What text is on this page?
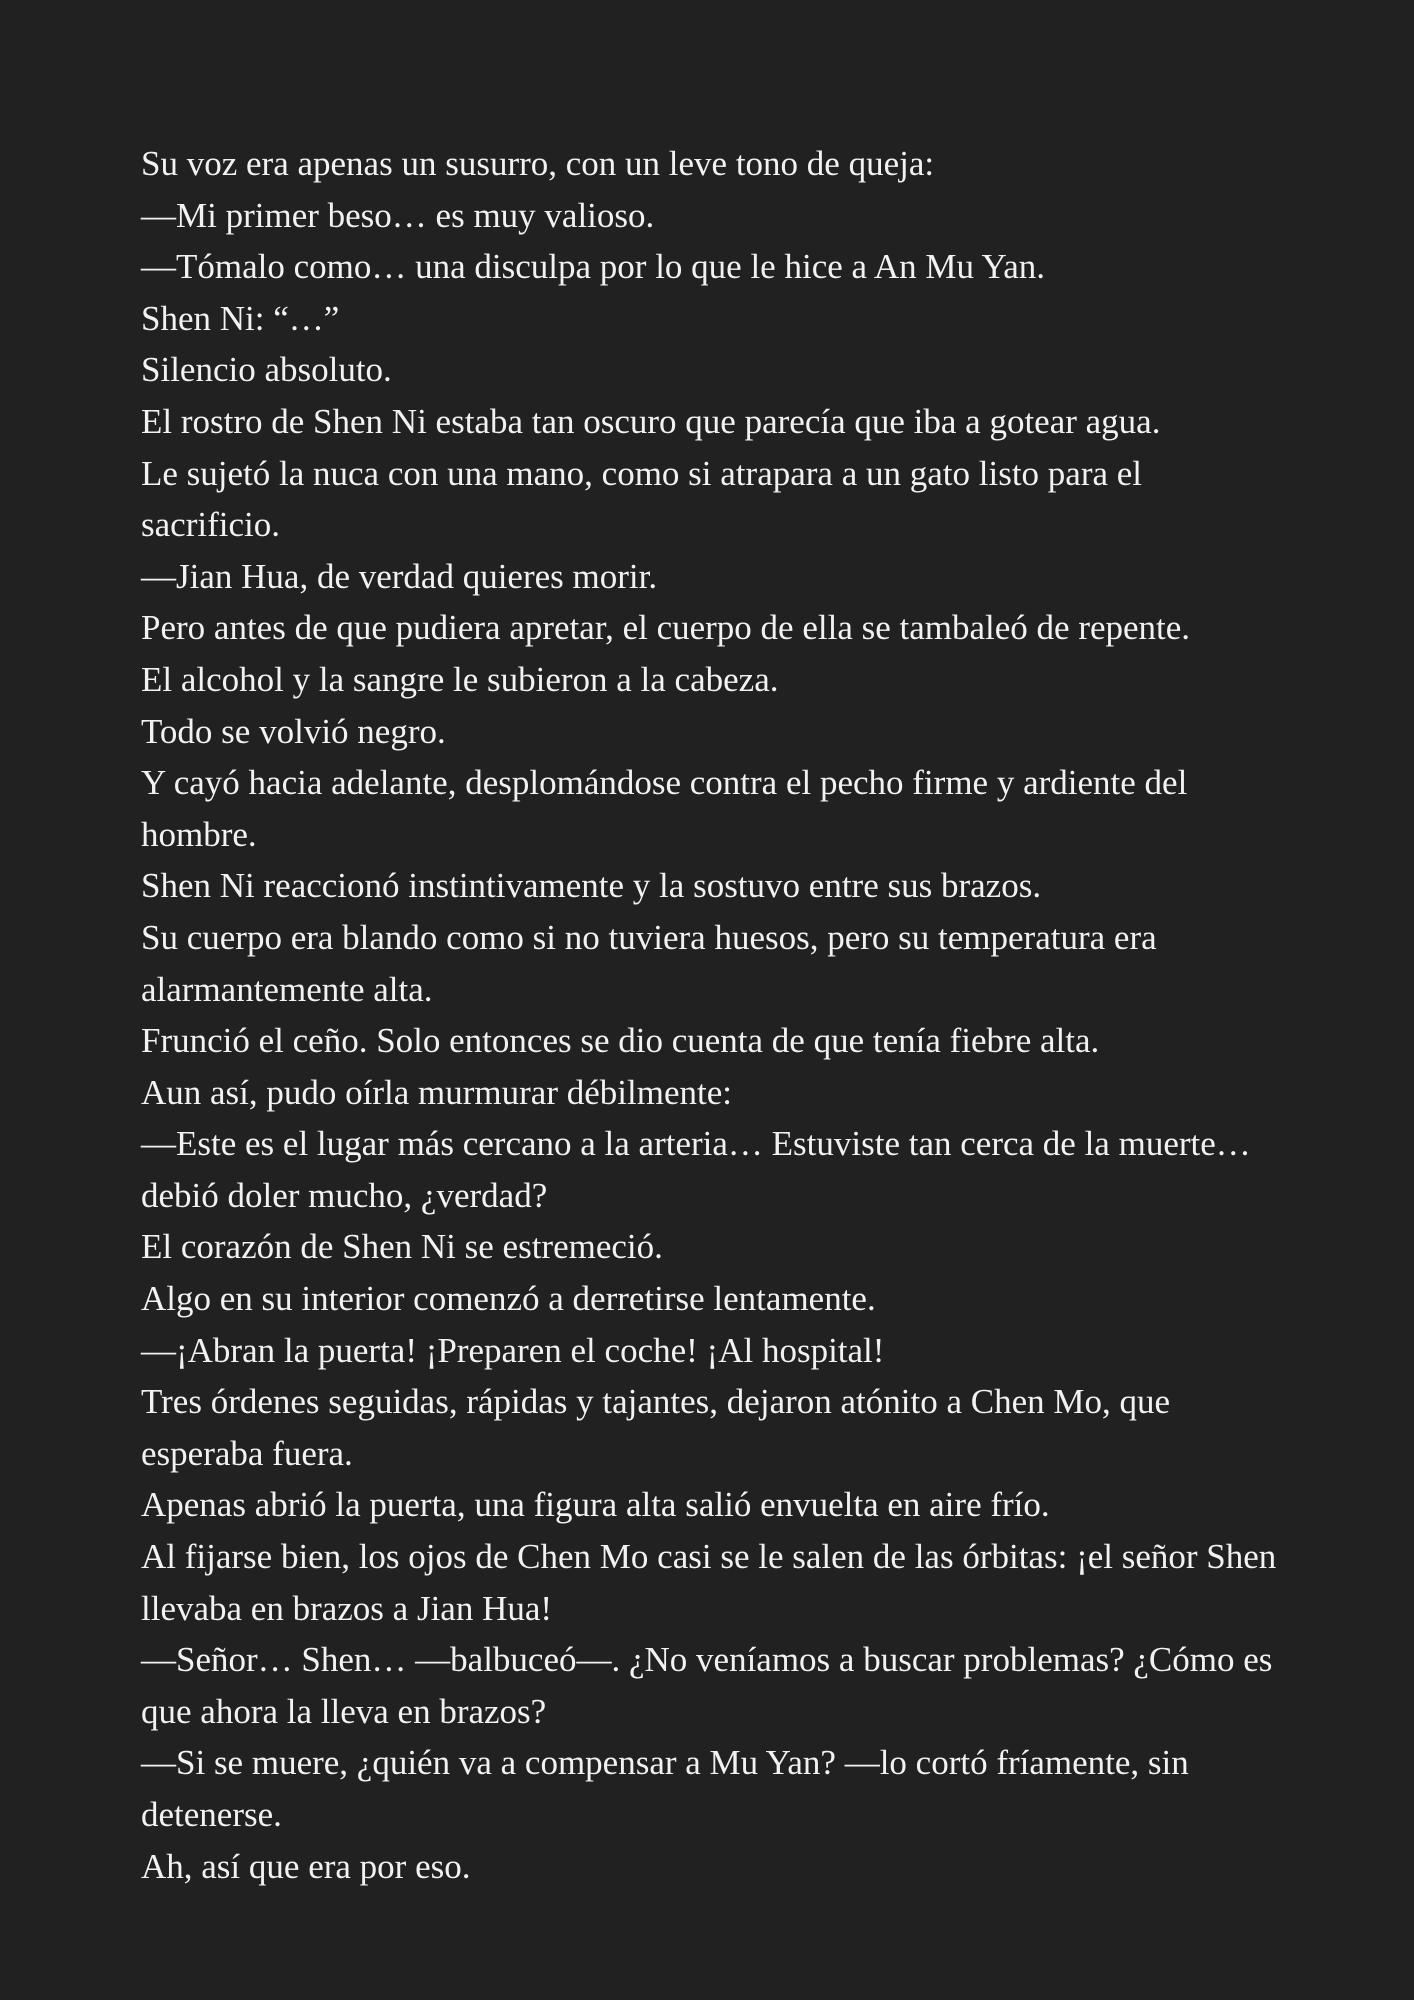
Su voz era apenas un susurro, con un leve tono de queja:

—Mi primer beso… es muy valioso.

—Tómalo como… una disculpa por lo que le hice a An Mu Yan.

Shen Ni: “…”

Silencio absoluto.

El rostro de Shen Ni estaba tan oscuro que parecía que iba a gotear agua.

Le sujetó la nuca con una mano, como si atrapara a un gato listo para el sacrificio.

—Jian Hua, de verdad quieres morir.

Pero antes de que pudiera apretar, el cuerpo de ella se tambaleó de repente.

El alcohol y la sangre le subieron a la cabeza.

Todo se volvió negro.

Y cayó hacia adelante, desplomándose contra el pecho firme y ardiente del hombre.

Shen Ni reaccionó instintivamente y la sostuvo entre sus brazos.

Su cuerpo era blando como si no tuviera huesos, pero su temperatura era alarmantemente alta.

Frunció el ceño. Solo entonces se dio cuenta de que tenía fiebre alta.

Aun así, pudo oírla murmurar débilmente:

—Este es el lugar más cercano a la arteria… Estuviste tan cerca de la muerte… debió doler mucho, ¿verdad?

El corazón de Shen Ni se estremeció.

Algo en su interior comenzó a derretirse lentamente.

—¡Abran la puerta! ¡Preparen el coche! ¡Al hospital!

Tres órdenes seguidas, rápidas y tajantes, dejaron atónito a Chen Mo, que esperaba fuera.

Apenas abrió la puerta, una figura alta salió envuelta en aire frío.

Al fijarse bien, los ojos de Chen Mo casi se le salen de las órbitas: ¡el señor Shen llevaba en brazos a Jian Hua!

—Señor… Shen… —balbuceó—. ¿No veníamos a buscar problemas? ¿Cómo es que ahora la lleva en brazos?

—Si se muere, ¿quién va a compensar a Mu Yan? —lo cortó fríamente, sin detenerse.

Ah, así que era por eso.
